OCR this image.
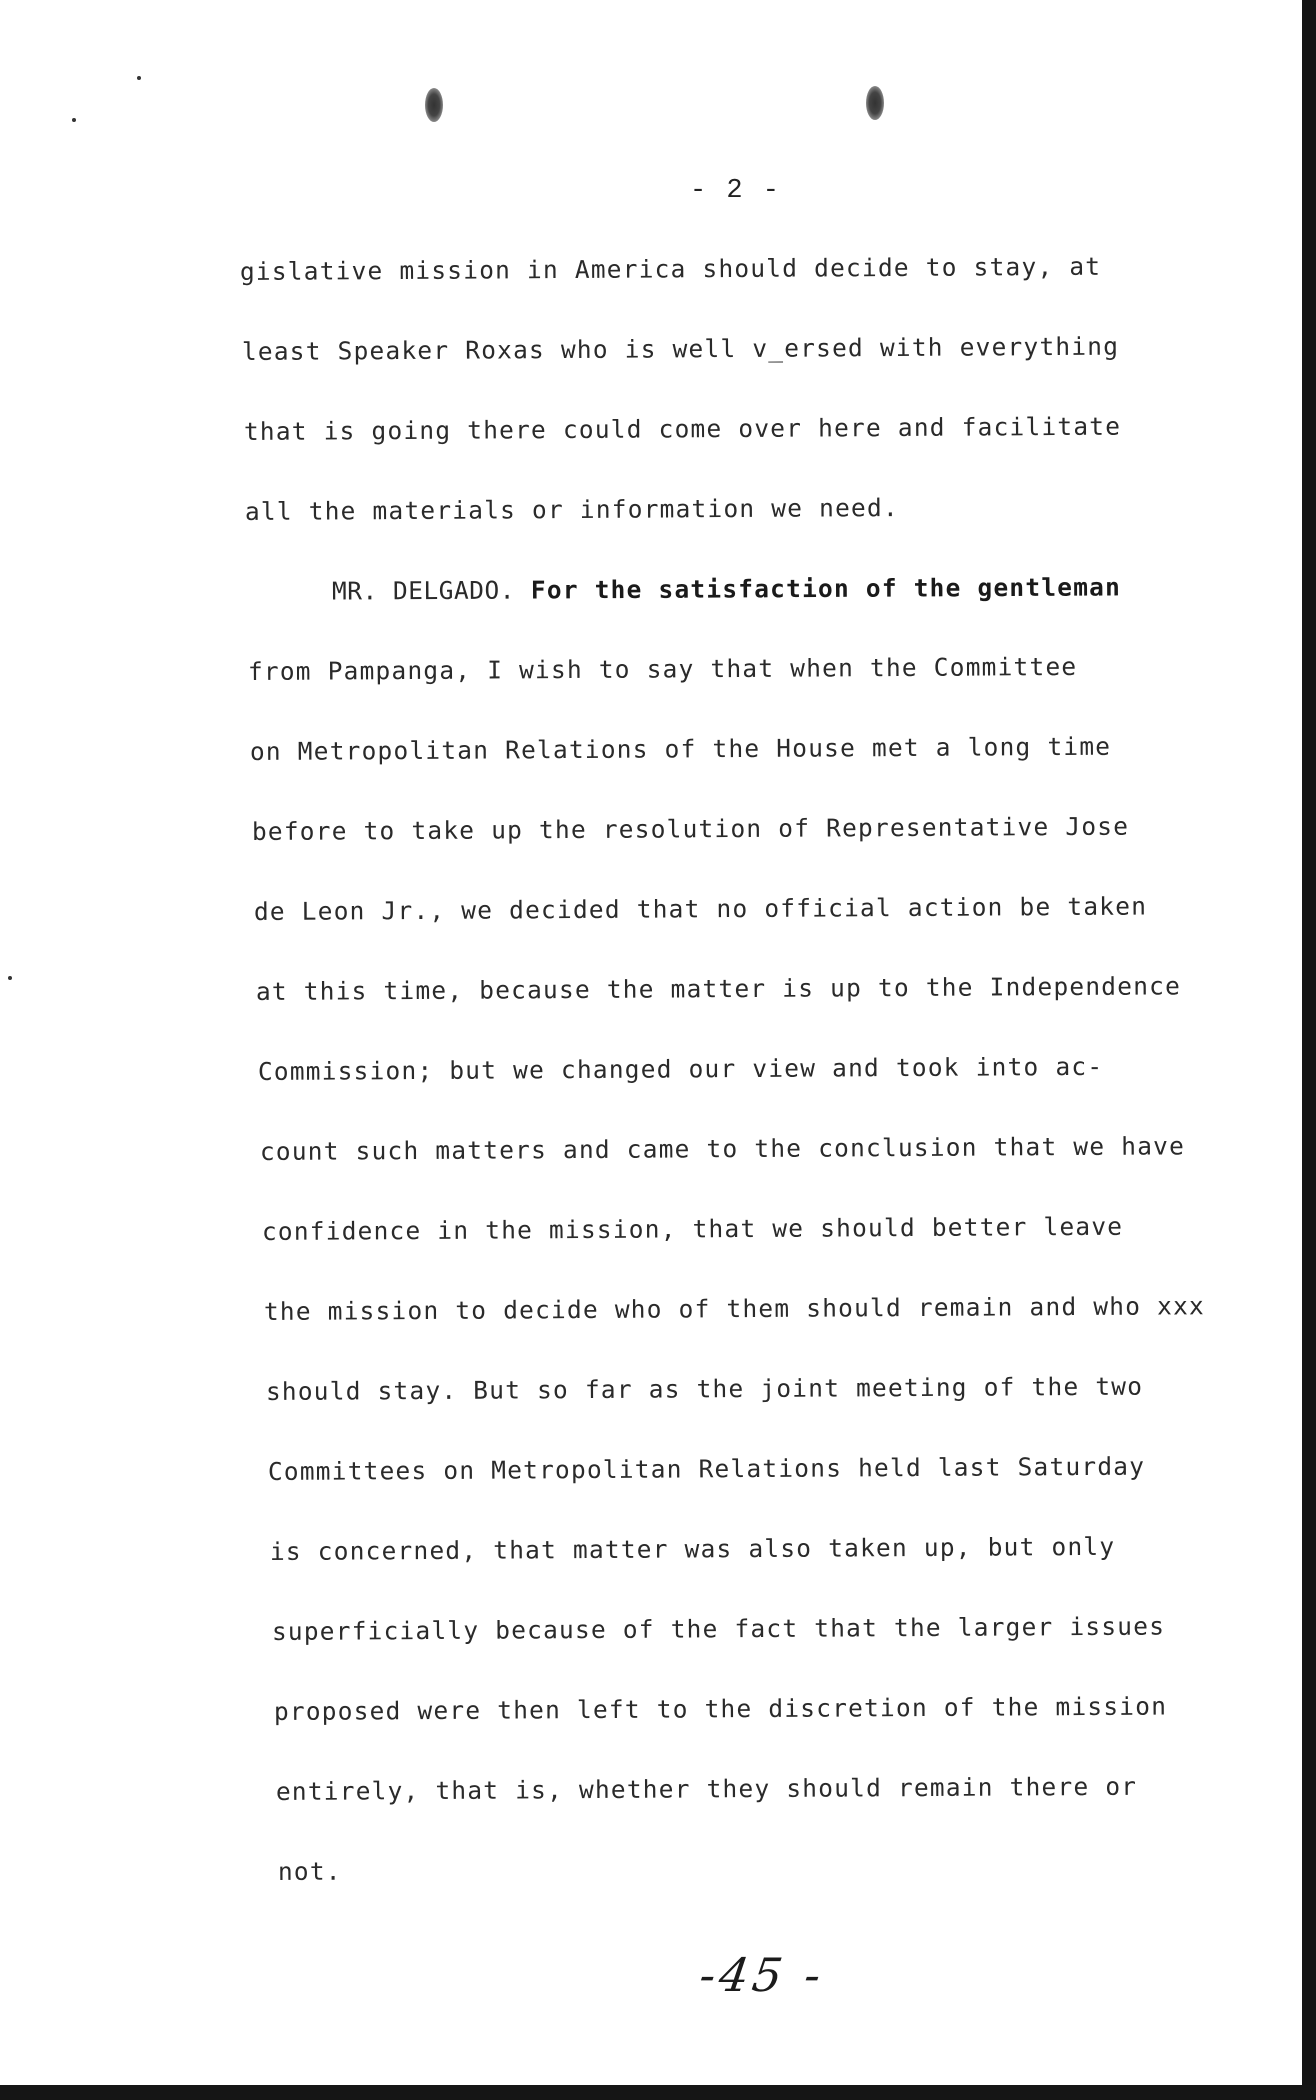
- 2 -
gislative mission in America should decide to stay, at
least Speaker Roxas who is well v_ersed with everything
that is going there could come over here and facilitate
all the materials or information we need.
MR. DELGADO. For the satisfaction of the gentleman
from Pampanga, I wish to say that when the Committee
on Metropolitan Relations of the House met a long time
before to take up the resolution of Representative Jose
de Leon Jr., we decided that no official action be taken
at this time, because the matter is up to the Independence
Commission; but we changed our view and took into ac-
count such matters and came to the conclusion that we have
confidence in the mission, that we should better leave
the mission to decide who of them should remain and who xxx
should stay. But so far as the joint meeting of the two
Committees on Metropolitan Relations held last Saturday
is concerned, that matter was also taken up, but only
superficially because of the fact that the larger issues
proposed were then left to the discretion of the mission
entirely, that is, whether they should remain there or
not.
-45 -
